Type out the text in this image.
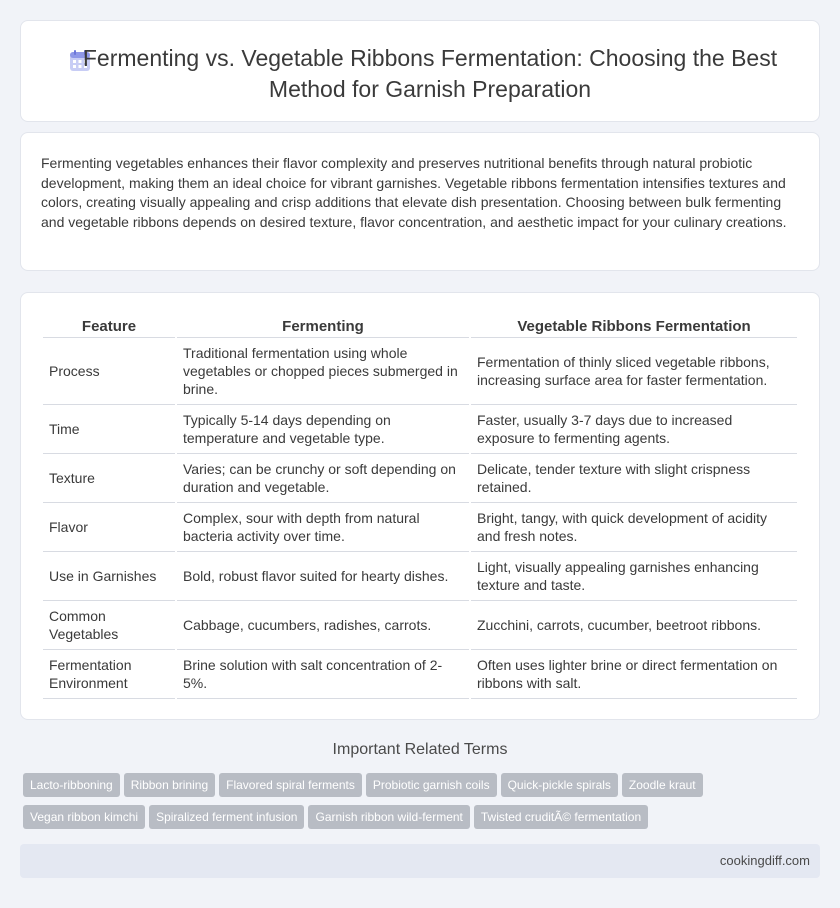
Fermenting vs. Vegetable Ribbons Fermentation: Choosing the Best Method for Garnish Preparation

Fermenting vegetables enhances their flavor complexity and preserves nutritional benefits through natural probiotic development, making them an ideal choice for vibrant garnishes. Vegetable ribbons fermentation intensifies textures and colors, creating visually appealing and crisp additions that elevate dish presentation. Choosing between bulk fermenting and vegetable ribbons depends on desired texture, flavor concentration, and aesthetic impact for your culinary creations.

Feature	Fermenting	Vegetable Ribbons Fermentation
Process	Traditional fermentation using whole vegetables or chopped pieces submerged in brine.	Fermentation of thinly sliced vegetable ribbons, increasing surface area for faster fermentation.
Time	Typically 5-14 days depending on temperature and vegetable type.	Faster, usually 3-7 days due to increased exposure to fermenting agents.
Texture	Varies; can be crunchy or soft depending on duration and vegetable.	Delicate, tender texture with slight crispness retained.
Flavor	Complex, sour with depth from natural bacteria activity over time.	Bright, tangy, with quick development of acidity and fresh notes.
Use in Garnishes	Bold, robust flavor suited for hearty dishes.	Light, visually appealing garnishes enhancing texture and taste.
Common Vegetables	Cabbage, cucumbers, radishes, carrots.	Zucchini, carrots, cucumber, beetroot ribbons.
Fermentation Environment	Brine solution with salt concentration of 2-5%.	Often uses lighter brine or direct fermentation on ribbons with salt.
Important Related Terms
Lacto-ribboning Ribbon brining Flavored spiral ferments Probiotic garnish coils Quick-pickle spirals Zoodle kraut
Vegan ribbon kimchi Spiralized ferment infusion Garnish ribbon wild-ferment Twisted cruditÃ© fermentation
cookingdiff.com
